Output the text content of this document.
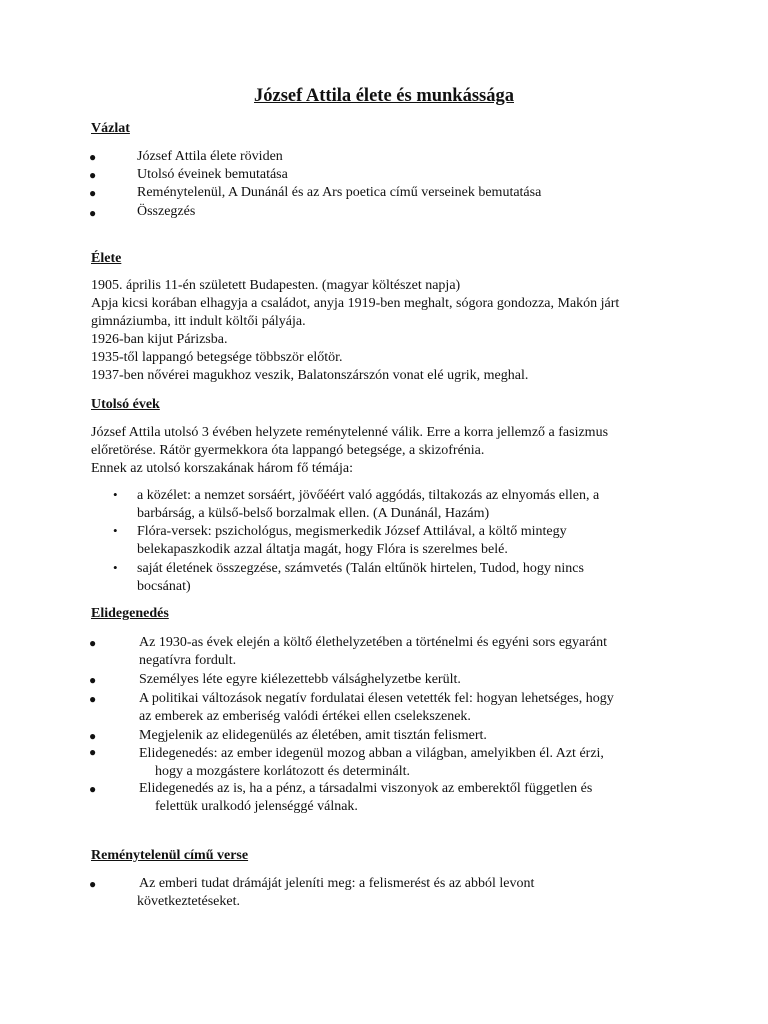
József Attila élete és munkássága
Vázlat
●	József Attila élete röviden
●	Utolsó éveinek bemutatása
●	Reménytelenül, A Dunánál és az Ars poetica című verseinek bemutatása
●	Összegzés
Élete
1905. április 11-én született Budapesten. (magyar költészet napja)
Apja kicsi korában elhagyja a családot, anyja 1919-ben meghalt, sógora gondozza, Makón járt
gimnáziumba, itt indult költői pályája.
1926-ban kijut Párizsba.
1935-től lappangó betegsége többször előtör.
1937-ben nővérei magukhoz veszik, Balatonszárszón vonat elé ugrik, meghal.
Utolsó évek
József Attila utolsó 3 évében helyzete reménytelenné válik. Erre a korra jellemző a fasizmus
előretörése. Rátör gyermekkora óta lappangó betegsége, a skizofrénia.
Ennek az utolsó korszakának három fő témája:
• a közélet: a nemzet sorsáért, jövőéért való aggódás, tiltakozás az elnyomás ellen, a
barbárság, a külső-belső borzalmak ellen. (A Dunánál, Hazám)
• Flóra-versek: pszichológus, megismerkedik József Attilával, a költő mintegy
belekapaszkodik azzal áltatja magát, hogy Flóra is szerelmes belé.
• saját életének összegzése, számvetés (Talán eltűnök hirtelen, Tudod, hogy nincs
bocsánat)
Elidegenedés
●	Az 1930-as évek elején a költő élethelyzetében a történelmi és egyéni sors egyaránt
negatívra fordult.
●	Személyes léte egyre kiélezettebb válsághelyzetbe került.
●	A politikai változások negatív fordulatai élesen vetették fel: hogyan lehetséges, hogy
az emberek az emberiség valódi értékei ellen cselekszenek.
●	Megjelenik az elidegenülés az életében, amit tisztán felismert.
●	Elidegenedés: az ember idegenül mozog abban a világban, amelyikben él. Azt érzi,
hogy a mozgástere korlátozott és determinált.
●	Elidegenedés az is, ha a pénz, a társadalmi viszonyok az emberektől független és
felettük uralkodó jelenséggé válnak.
Reménytelenül című verse
●	Az emberi tudat drámáját jeleníti meg: a felismerést és az abból levont
következtetéseket.
